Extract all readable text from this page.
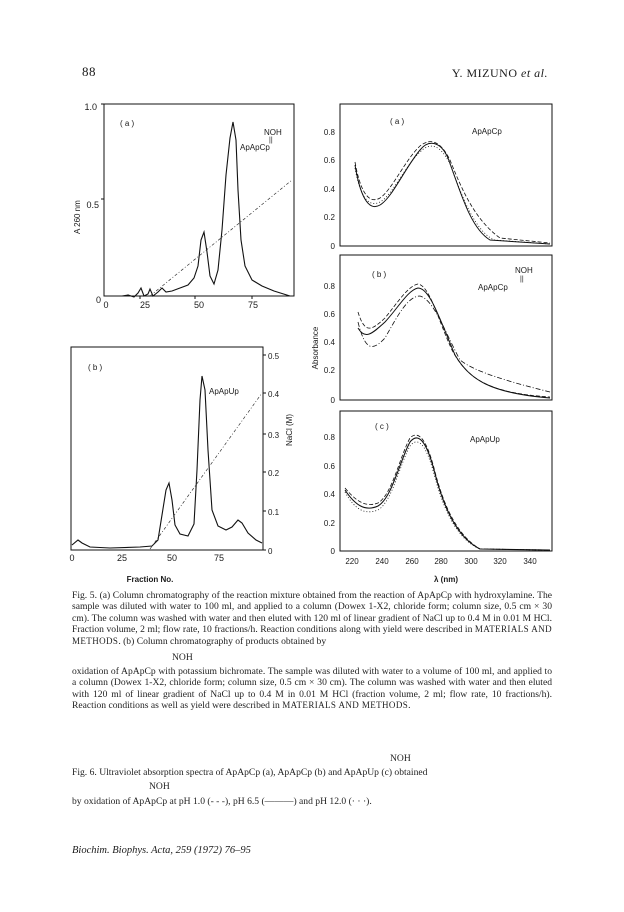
88	Y. MIZUNO et al.
1.0
0.5
0 0	25	50	75
( a )
NOH
||
ApApCp
A 260 nm
0.5
0.4
0.3
0.2
0.1
0
NaCl (M)
0	25	50	75
( b )
ApApUp
Fraction No.
0.8
0.6
0.4
0.2
0
( a )
ApApCp
0.8
0.6
0.4
0.2
0
( b )	NOH
||
ApApCp
Absorbance
0.8
0.6
0.4
0.2
0
( c )
ApApUp
220 240 260 280 300 320 340
λ (nm)
Fig. 5. (a) Column chromatography of the reaction mixture obtained from the reaction of ApApCp with hydroxylamine. The sample was diluted with water to 100 ml, and applied to a column (Dowex 1-X2, chloride form; column size, 0.5 cm × 30 cm). The column was washed with water and then eluted with 120 ml of linear gradient of NaCl up to 0.4 M in 0.01 M HCl. Fraction volume, 2 ml; flow rate, 10 fractions/h. Reaction conditions along with yield were described in MATERIALS AND METHODS. (b) Column chromatography of products obtained by
NOH
oxidation of ApApCp with potassium bichromate. The sample was diluted with water to a volume of 100 ml, and applied to a column (Dowex 1-X2, chloride form; column size, 0.5 cm × 30 cm). The column was washed with water and then eluted with 120 ml of linear gradient of NaCl up to 0.4 M in 0.01 M HCl (fraction volume, 2 ml; flow rate, 10 fractions/h). Reaction conditions as well as yield were described in MATERIALS AND METHODS.
NOH
Fig. 6. Ultraviolet absorption spectra of ApApCp (a), ApApCp (b) and ApApUp (c) obtained
NOH
by oxidation of ApApCp at pH 1.0 (- - -), pH 6.5 (———) and pH 12.0 (· · ·).
Biochim. Biophys. Acta, 259 (1972) 76–95
